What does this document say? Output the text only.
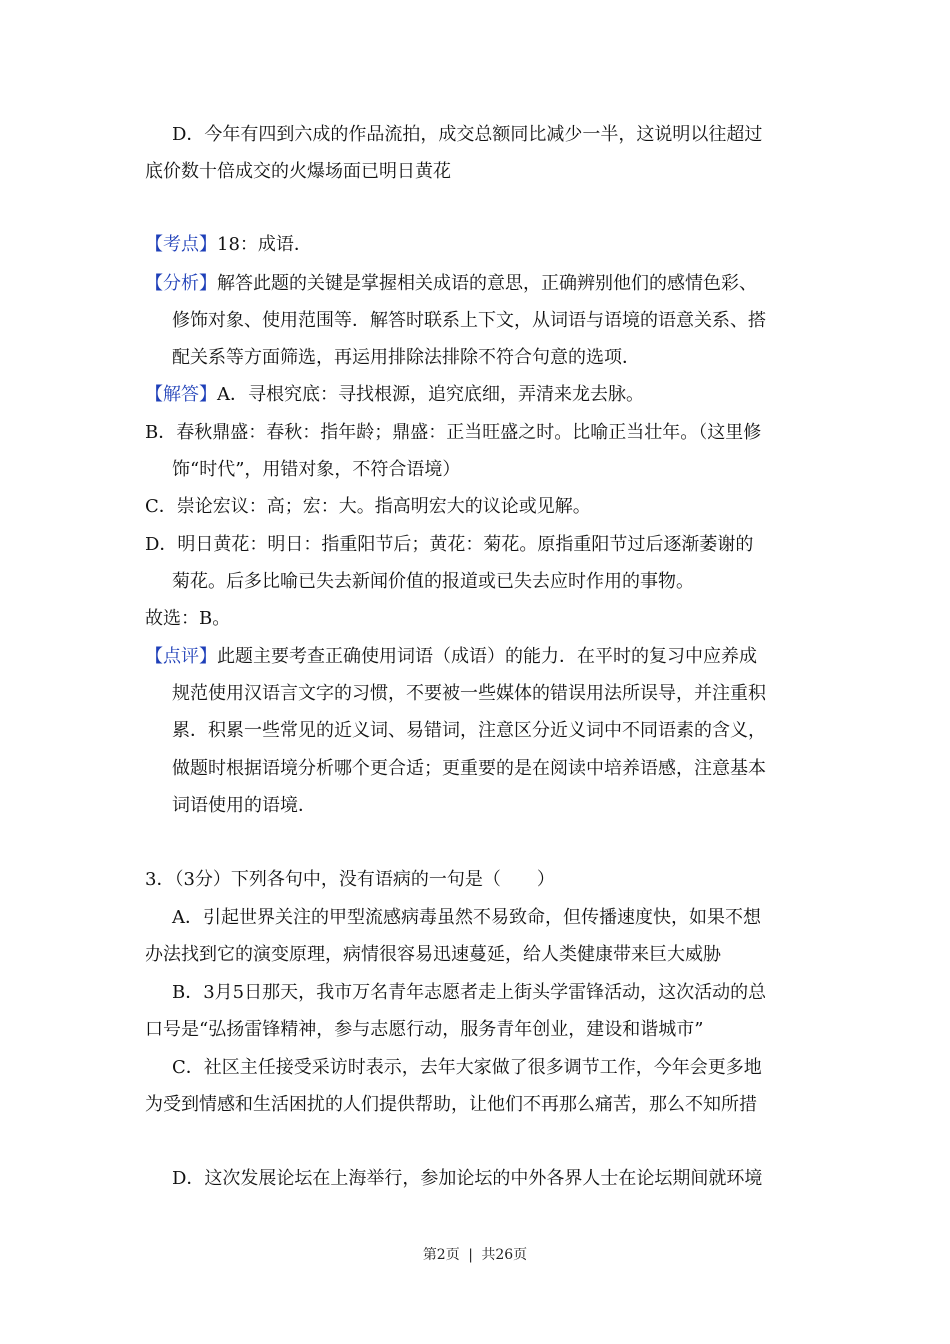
D．今年有四到六成的作品流拍，成交总额同比减少一半，这说明以往超过
底价数十倍成交的火爆场面已明日黄花
【考点】18：成语．
【分析】解答此题的关键是掌握相关成语的意思，正确辨别他们的感情色彩、
修饰对象、使用范围等．解答时联系上下文，从词语与语境的语意关系、搭
配关系等方面筛选，再运用排除法排除不符合句意的选项．
【解答】A．寻根究底：寻找根源，追究底细，弄清来龙去脉。
B．春秋鼎盛：春秋：指年龄；鼎盛：正当旺盛之时。比喻正当壮年。（这里修
饰“时代”，用错对象，不符合语境）
C．崇论宏议：高；宏：大。指高明宏大的议论或见解。
D．明日黄花：明日：指重阳节后；黄花：菊花。原指重阳节过后逐渐萎谢的
菊花。后多比喻已失去新闻价值的报道或已失去应时作用的事物。
故选：B。
【点评】此题主要考查正确使用词语（成语）的能力．在平时的复习中应养成
规范使用汉语言文字的习惯，不要被一些媒体的错误用法所误导，并注重积
累．积累一些常见的近义词、易错词，注意区分近义词中不同语素的含义，
做题时根据语境分析哪个更合适；更重要的是在阅读中培养语感，注意基本
词语使用的语境．
3．（3分）下列各句中，没有语病的一句是（　　）
A．引起世界关注的甲型流感病毒虽然不易致命，但传播速度快，如果不想
办法找到它的演变原理，病情很容易迅速蔓延，给人类健康带来巨大威胁
B．3月5日那天，我市万名青年志愿者走上街头学雷锋活动，这次活动的总
口号是“弘扬雷锋精神，参与志愿行动，服务青年创业，建设和谐城市”
C．社区主任接受采访时表示，去年大家做了很多调节工作，今年会更多地
为受到情感和生活困扰的人们提供帮助，让他们不再那么痛苦，那么不知所措
D．这次发展论坛在上海举行，参加论坛的中外各界人士在论坛期间就环境
第2页 | 共26页
